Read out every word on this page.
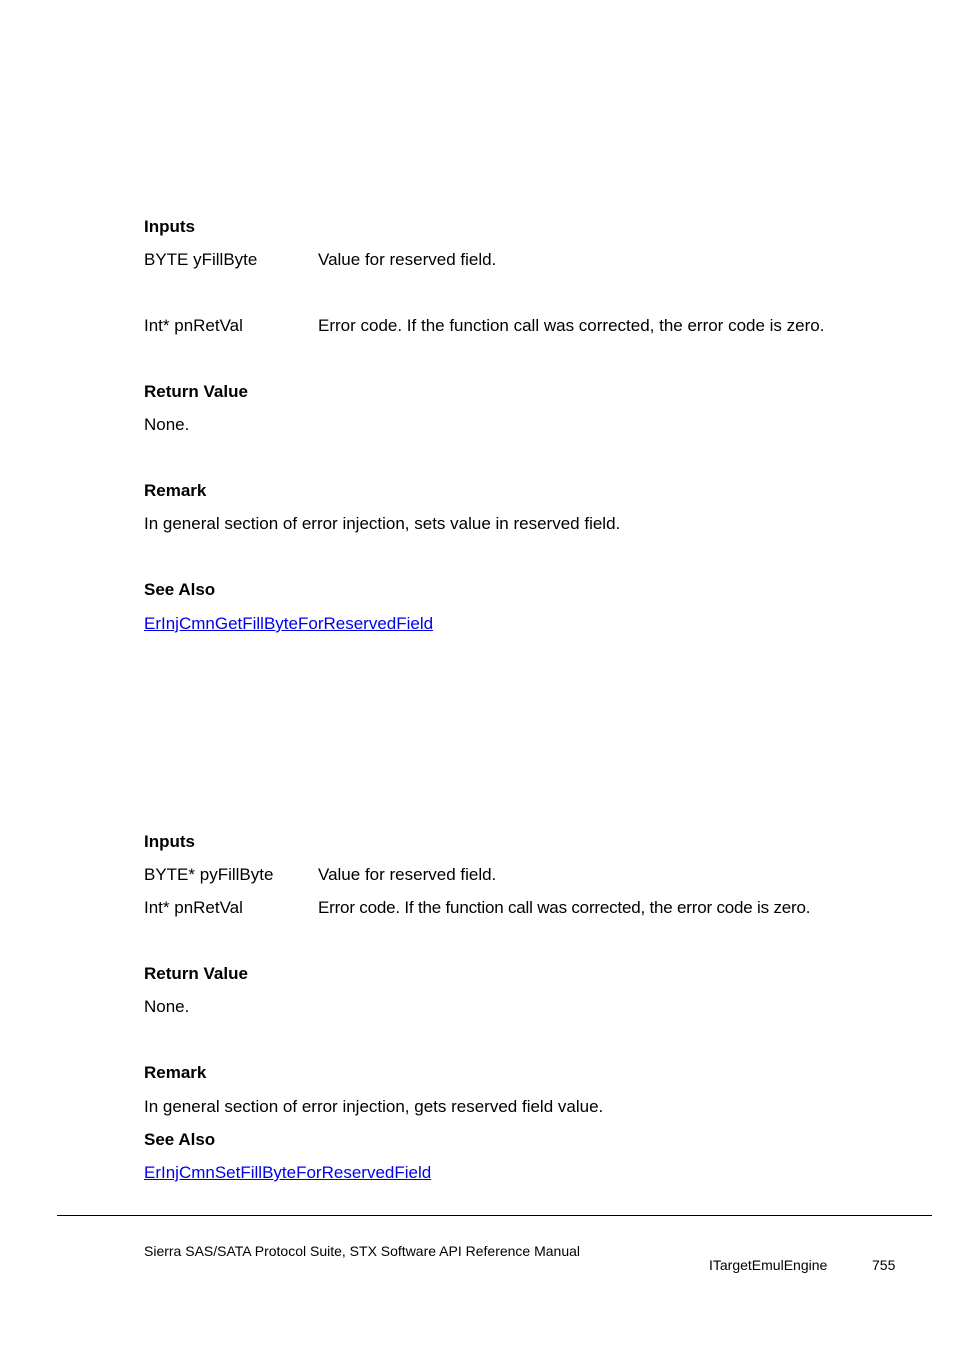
Inputs
BYTE yFillByte	Value for reserved field.
Int* pnRetVal	Error code. If the function call was corrected, the error code is zero.
Return Value
None.
Remark
In general section of error injection, sets value in reserved field.
See Also
ErInjCmnGetFillByteForReservedField
Inputs
BYTE* pyFillByte	Value for reserved field.
Int* pnRetVal	Error code. If the function call was corrected, the error code is zero.
Return Value
None.
Remark
In general section of error injection, gets reserved field value.
See Also
ErInjCmnSetFillByteForReservedField
Sierra SAS/SATA Protocol Suite, STX Software API Reference Manual
ITargetEmulEngine	755
